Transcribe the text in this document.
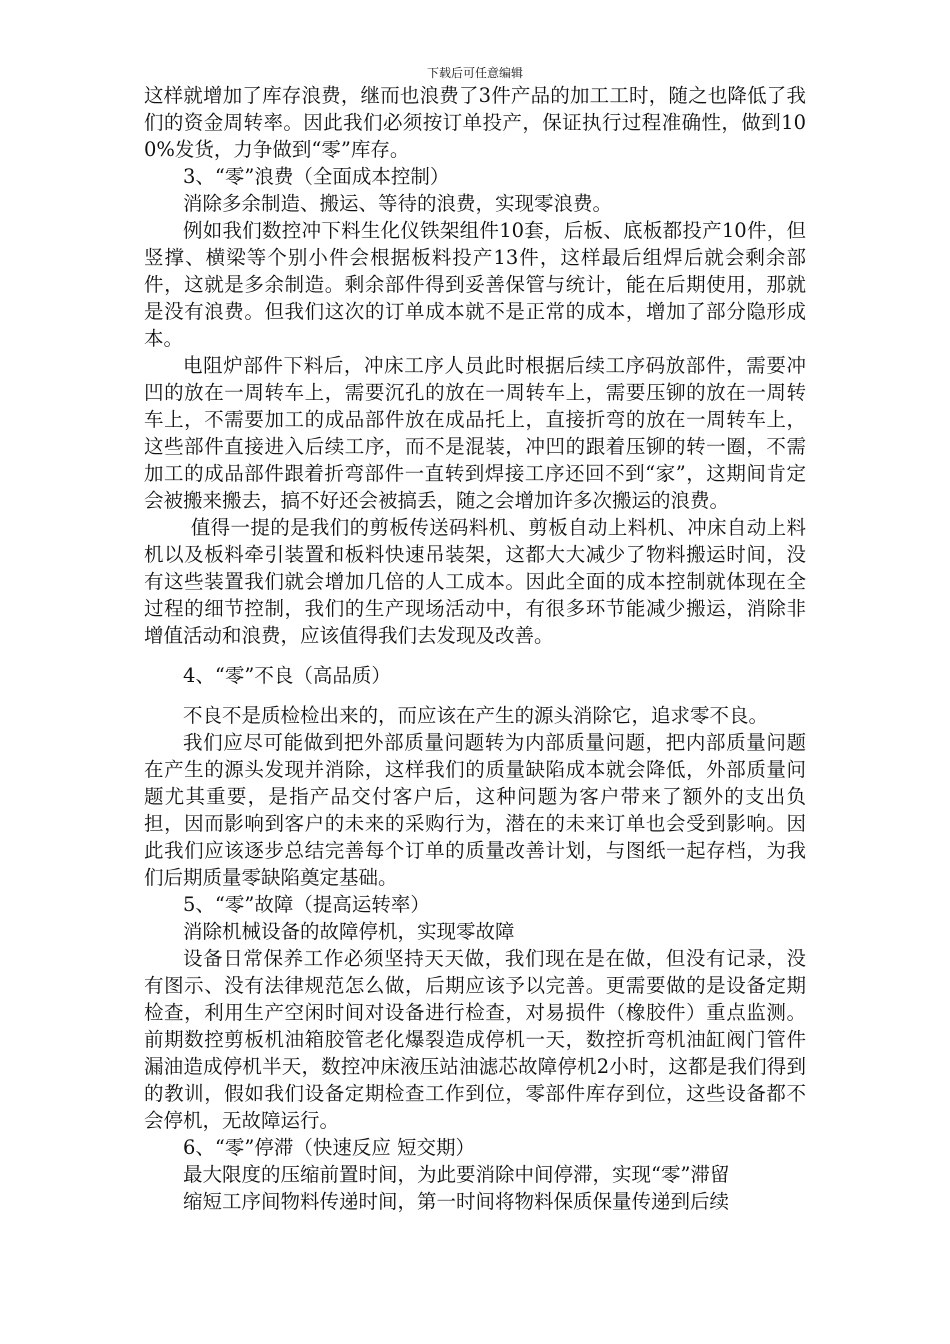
下载后可任意编辑

这样就增加了库存浪费，继而也浪费了3件产品的加工工时，随之也降低了我们的资金周转率。因此我们必须按订单投产，保证执行过程准确性，做到100%发货，力争做到“零”库存。

3、“零”浪费（全面成本控制）

消除多余制造、搬运、等待的浪费，实现零浪费。

例如我们数控冲下料生化仪铁架组件10套，后板、底板都投产10件，但竖撑、横梁等个别小件会根据板料投产13件，这样最后组焊后就会剩余部件，这就是多余制造。剩余部件得到妥善保管与统计，能在后期使用，那就是没有浪费。但我们这次的订单成本就不是正常的成本，增加了部分隐形成本。

电阻炉部件下料后，冲床工序人员此时根据后续工序码放部件，需要冲凹的放在一周转车上，需要沉孔的放在一周转车上，需要压铆的放在一周转车上，不需要加工的成品部件放在成品托上，直接折弯的放在一周转车上，这些部件直接进入后续工序，而不是混装，冲凹的跟着压铆的转一圈，不需加工的成品部件跟着折弯部件一直转到焊接工序还回不到“家”，这期间肯定会被搬来搬去，搞不好还会被搞丢，随之会增加许多次搬运的浪费。

值得一提的是我们的剪板传送码料机、剪板自动上料机、冲床自动上料机以及板料牵引装置和板料快速吊装架，这都大大减少了物料搬运时间，没有这些装置我们就会增加几倍的人工成本。因此全面的成本控制就体现在全过程的细节控制，我们的生产现场活动中，有很多环节能减少搬运，消除非增值活动和浪费，应该值得我们去发现及改善。

4、“零”不良（高品质）

不良不是质检检出来的，而应该在产生的源头消除它，追求零不良。

我们应尽可能做到把外部质量问题转为内部质量问题，把内部质量问题在产生的源头发现并消除，这样我们的质量缺陷成本就会降低，外部质量问题尤其重要，是指产品交付客户后，这种问题为客户带来了额外的支出负担，因而影响到客户的未来的采购行为，潜在的未来订单也会受到影响。因此我们应该逐步总结完善每个订单的质量改善计划，与图纸一起存档，为我们后期质量零缺陷奠定基础。

5、“零”故障（提高运转率）

消除机械设备的故障停机，实现零故障

设备日常保养工作必须坚持天天做，我们现在是在做，但没有记录，没有图示、没有法律规范怎么做，后期应该予以完善。更需要做的是设备定期检查，利用生产空闲时间对设备进行检查，对易损件（橡胶件）重点监测。前期数控剪板机油箱胶管老化爆裂造成停机一天，数控折弯机油缸阀门管件漏油造成停机半天，数控冲床液压站油滤芯故障停机2小时，这都是我们得到的教训，假如我们设备定期检查工作到位，零部件库存到位，这些设备都不会停机，无故障运行。

6、“零”停滞（快速反应 短交期）

最大限度的压缩前置时间，为此要消除中间停滞，实现“零”滞留

缩短工序间物料传递时间，第一时间将物料保质保量传递到后续
